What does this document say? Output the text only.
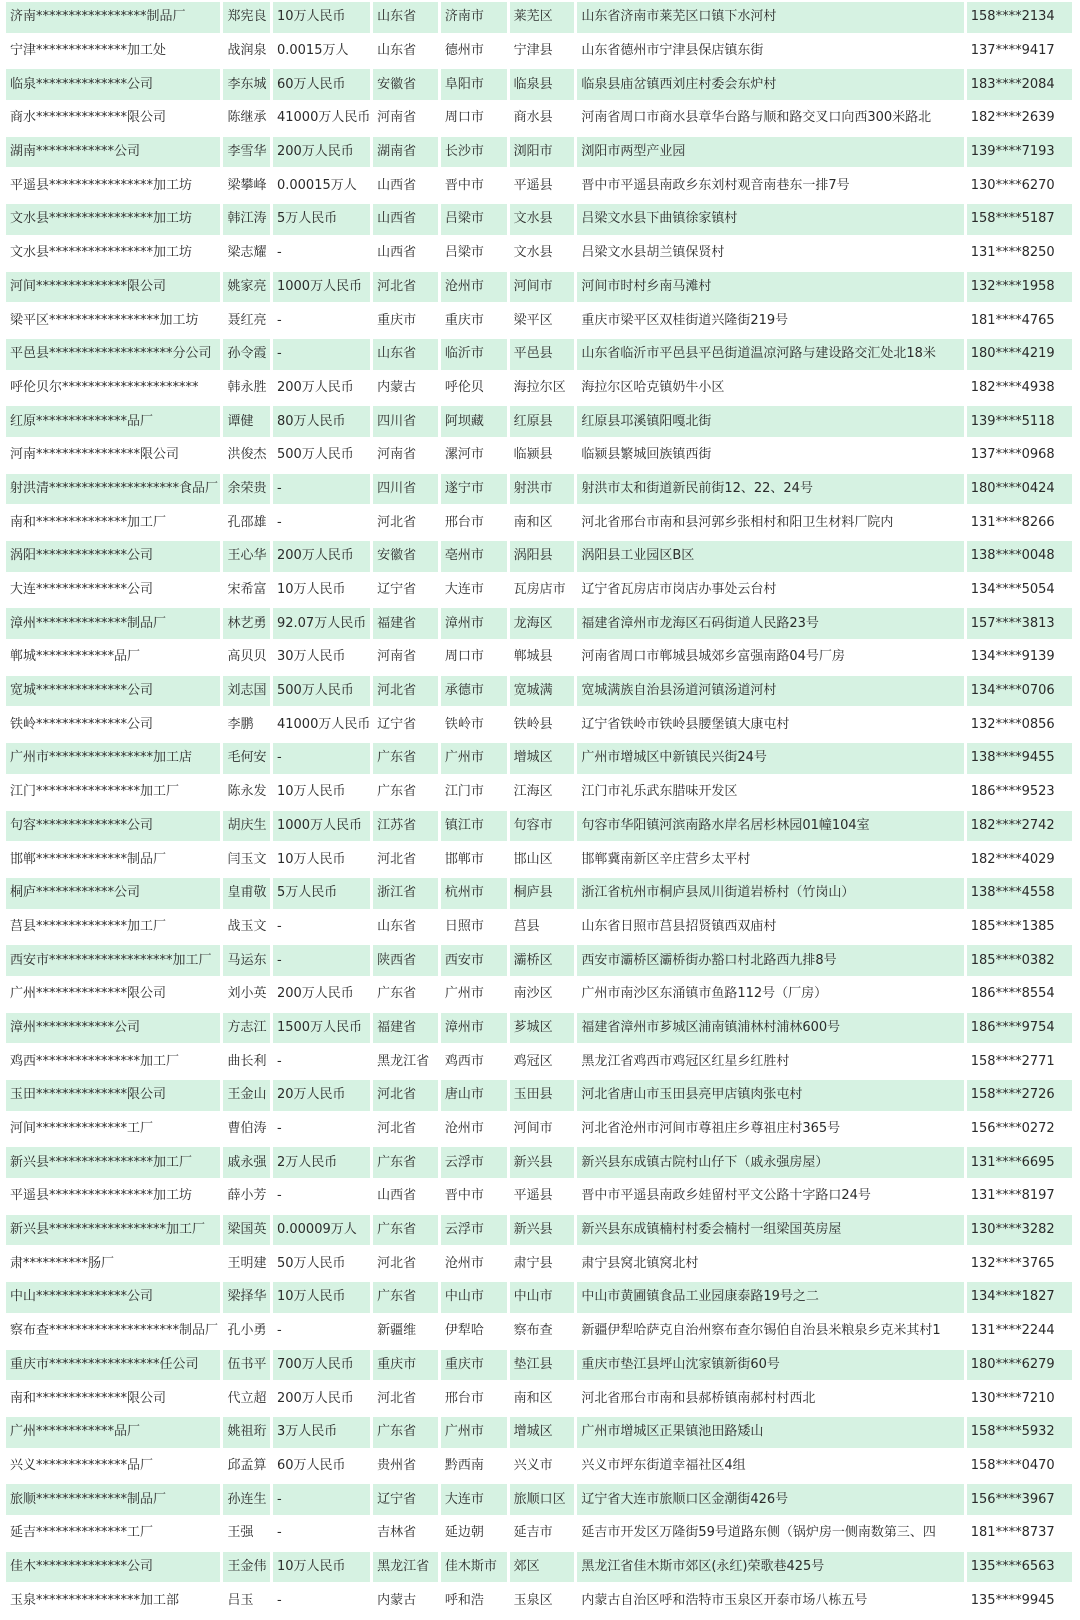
济南*****************制品厂	郑宪良	10万人民币	山东省	济南市	莱芜区	山东省济南市莱芜区口镇下水河村	158****2134
宁津**************加工处	战润泉	0.0015万人	山东省	德州市	宁津县	山东省德州市宁津县保店镇东街	137****9417
临泉**************公司	李东城	60万人民币	安徽省	阜阳市	临泉县	临泉县庙岔镇西刘庄村委会东炉村	183****2084
商水**************限公司	陈继承	41000万人民币	河南省	周口市	商水县	河南省周口市商水县章华台路与顺和路交叉口向西300米路北	182****2639
湖南************公司	李雪华	200万人民币	湖南省	长沙市	浏阳市	浏阳市两型产业园	139****7193
平遥县****************加工坊	梁攀峰	0.00015万人	山西省	晋中市	平遥县	晋中市平遥县南政乡东刘村观音南巷东一排7号	130****6270
文水县****************加工坊	韩江涛	5万人民币	山西省	吕梁市	文水县	吕梁文水县下曲镇徐家镇村	158****5187
文水县****************加工坊	梁志耀	-	山西省	吕梁市	文水县	吕梁文水县胡兰镇保贤村	131****8250
河间**************限公司	姚家亮	1000万人民币	河北省	沧州市	河间市	河间市时村乡南马滩村	132****1958
梁平区*****************加工坊	聂红亮	-	重庆市	重庆市	梁平区	重庆市梁平区双桂街道兴隆街219号	181****4765
平邑县*******************分公司	孙令霞	-	山东省	临沂市	平邑县	山东省临沂市平邑县平邑街道温凉河路与建设路交汇处北18米	180****4219
呼伦贝尔*********************	韩永胜	200万人民币	内蒙古	呼伦贝	海拉尔区	海拉尔区哈克镇奶牛小区	182****4938
红原**************品厂	谭健	80万人民币	四川省	阿坝藏	红原县	红原县邛溪镇阳嘎北街	139****5118
河南****************限公司	洪俊杰	500万人民币	河南省	漯河市	临颍县	临颍县繁城回族镇西街	137****0968
射洪清********************食品厂	余荣贵	-	四川省	遂宁市	射洪市	射洪市太和街道新民前街12、22、24号	180****0424
南和**************加工厂	孔邵雄	-	河北省	邢台市	南和区	河北省邢台市南和县河郭乡张相村和阳卫生材料厂院内	131****8266
涡阳**************公司	王心华	200万人民币	安徽省	亳州市	涡阳县	涡阳县工业园区B区	138****0048
大连**************公司	宋希富	10万人民币	辽宁省	大连市	瓦房店市	辽宁省瓦房店市岗店办事处云台村	134****5054
漳州**************制品厂	林艺勇	92.07万人民币	福建省	漳州市	龙海区	福建省漳州市龙海区石码街道人民路23号	157****3813
郸城************品厂	高贝贝	30万人民币	河南省	周口市	郸城县	河南省周口市郸城县城郊乡富强南路04号厂房	134****9139
宽城**************公司	刘志国	500万人民币	河北省	承德市	宽城满	宽城满族自治县汤道河镇汤道河村	134****0706
铁岭**************公司	李鹏	41000万人民币	辽宁省	铁岭市	铁岭县	辽宁省铁岭市铁岭县腰堡镇大康屯村	132****0856
广州市****************加工店	毛何安	-	广东省	广州市	增城区	广州市增城区中新镇民兴街24号	138****9455
江门****************加工厂	陈永发	10万人民币	广东省	江门市	江海区	江门市礼乐武东腊味开发区	186****9523
句容**************公司	胡庆生	1000万人民币	江苏省	镇江市	句容市	句容市华阳镇河滨南路水岸名居杉林园01幢104室	182****2742
邯郸**************制品厂	闫玉文	10万人民币	河北省	邯郸市	邯山区	邯郸冀南新区辛庄营乡太平村	182****4029
桐庐************公司	皇甫敬	5万人民币	浙江省	杭州市	桐庐县	浙江省杭州市桐庐县凤川街道岩桥村（竹岗山）	138****4558
莒县**************加工厂	战玉文	-	山东省	日照市	莒县	山东省日照市莒县招贤镇西双庙村	185****1385
西安市*******************加工厂	马运东	-	陕西省	西安市	灞桥区	西安市灞桥区灞桥街办豁口村北路西九排8号	185****0382
广州**************限公司	刘小英	200万人民币	广东省	广州市	南沙区	广州市南沙区东涌镇市鱼路112号（厂房）	186****8554
漳州************公司	方志江	1500万人民币	福建省	漳州市	芗城区	福建省漳州市芗城区浦南镇浦林村浦林600号	186****9754
鸡西****************加工厂	曲长利	-	黑龙江省	鸡西市	鸡冠区	黑龙江省鸡西市鸡冠区红星乡红胜村	158****2771
玉田**************限公司	王金山	20万人民币	河北省	唐山市	玉田县	河北省唐山市玉田县亮甲店镇肉张屯村	158****2726
河间**************工厂	曹伯涛	-	河北省	沧州市	河间市	河北省沧州市河间市尊祖庄乡尊祖庄村365号	156****0272
新兴县****************加工厂	戚永强	2万人民币	广东省	云浮市	新兴县	新兴县东成镇古院村山仔下（戚永强房屋）	131****6695
平遥县****************加工坊	薛小芳	-	山西省	晋中市	平遥县	晋中市平遥县南政乡娃留村平文公路十字路口24号	131****8197
新兴县******************加工厂	梁国英	0.00009万人	广东省	云浮市	新兴县	新兴县东成镇楠村村委会楠村一组梁国英房屋	130****3282
肃**********肠厂	王明建	50万人民币	河北省	沧州市	肃宁县	肃宁县窝北镇窝北村	132****3765
中山**************公司	梁择华	10万人民币	广东省	中山市	中山市	中山市黄圃镇食品工业园康泰路19号之二	134****1827
察布查********************制品厂	孔小勇	-	新疆维	伊犁哈	察布查	新疆伊犁哈萨克自治州察布查尔锡伯自治县米粮泉乡克米其村1	131****2244
重庆市*****************任公司	伍书平	700万人民币	重庆市	重庆市	垫江县	重庆市垫江县坪山沈家镇新街60号	180****6279
南和**************限公司	代立超	200万人民币	河北省	邢台市	南和区	河北省邢台市南和县郝桥镇南郝村村西北	130****7210
广州************品厂	姚祖珩	3万人民币	广东省	广州市	增城区	广州市增城区正果镇池田路矮山	158****5932
兴义**************品厂	邱孟算	60万人民币	贵州省	黔西南	兴义市	兴义市坪东街道幸福社区4组	158****0470
旅顺**************制品厂	孙连生	-	辽宁省	大连市	旅顺口区	辽宁省大连市旅顺口区金潮街426号	156****3967
延吉**************工厂	王强	-	吉林省	延边朝	延吉市	延吉市开发区万隆街59号道路东侧（锅炉房一侧南数第三、四	181****8737
佳木**************公司	王金伟	10万人民币	黑龙江省	佳木斯市	郊区	黑龙江省佳木斯市郊区(永红)荣歌巷425号	135****6563
玉泉****************加工部	吕玉	-	内蒙古	呼和浩	玉泉区	内蒙古自治区呼和浩特市玉泉区开泰市场八栋五号	135****9945
